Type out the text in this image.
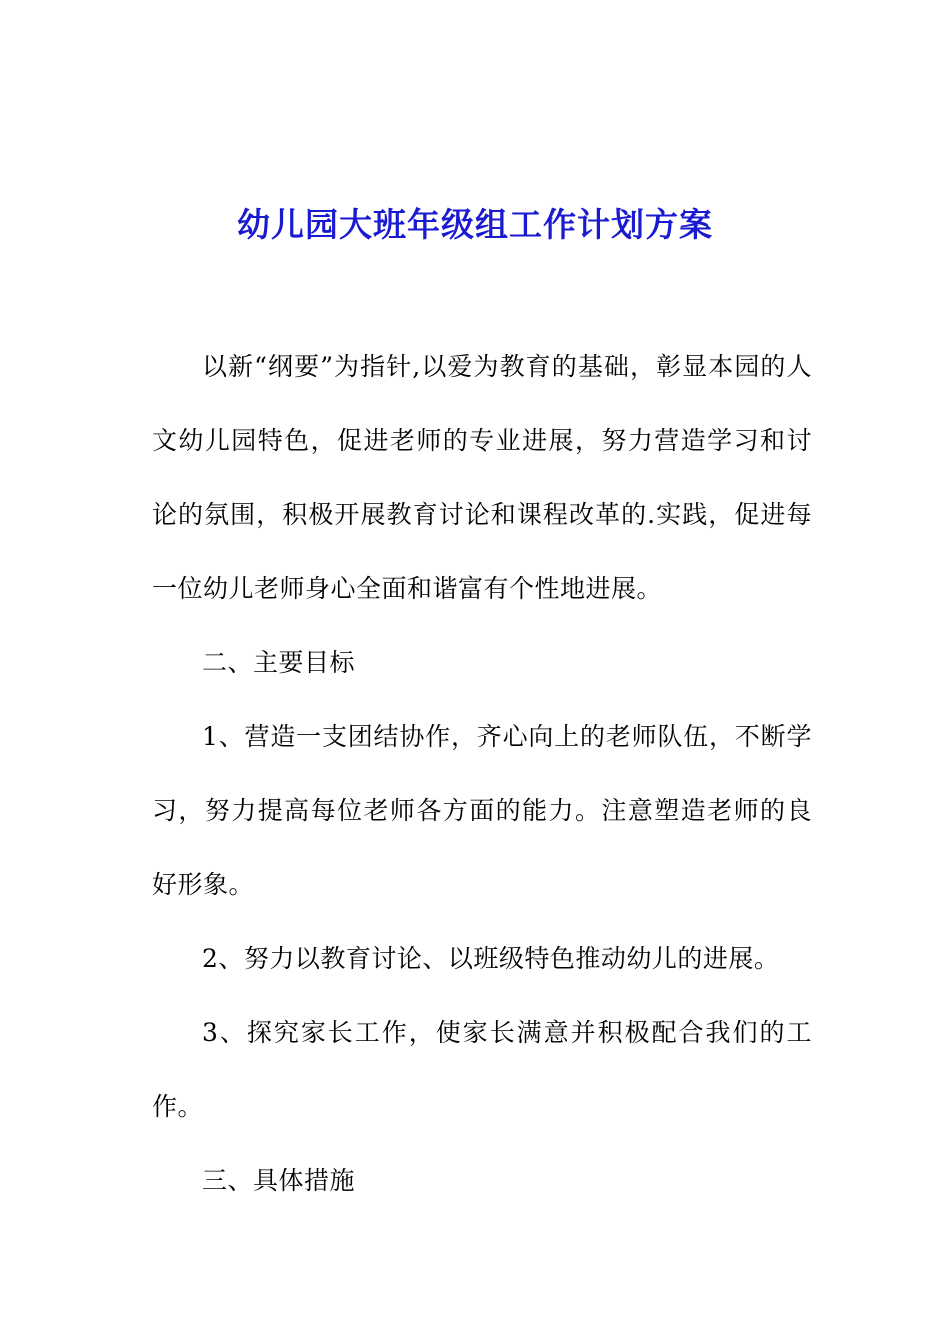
幼儿园大班年级组工作计划方案

以新“纲要”为指针,以爱为教育的基础，彰显本园的人文幼儿园特色，促进老师的专业进展，努力营造学习和讨论的氛围，积极开展教育讨论和课程改革的.实践，促进每一位幼儿老师身心全面和谐富有个性地进展。

二、主要目标

1、营造一支团结协作，齐心向上的老师队伍，不断学习，努力提高每位老师各方面的能力。注意塑造老师的良好形象。

2、努力以教育讨论、以班级特色推动幼儿的进展。

3、探究家长工作，使家长满意并积极配合我们的工作。

三、具体措施
